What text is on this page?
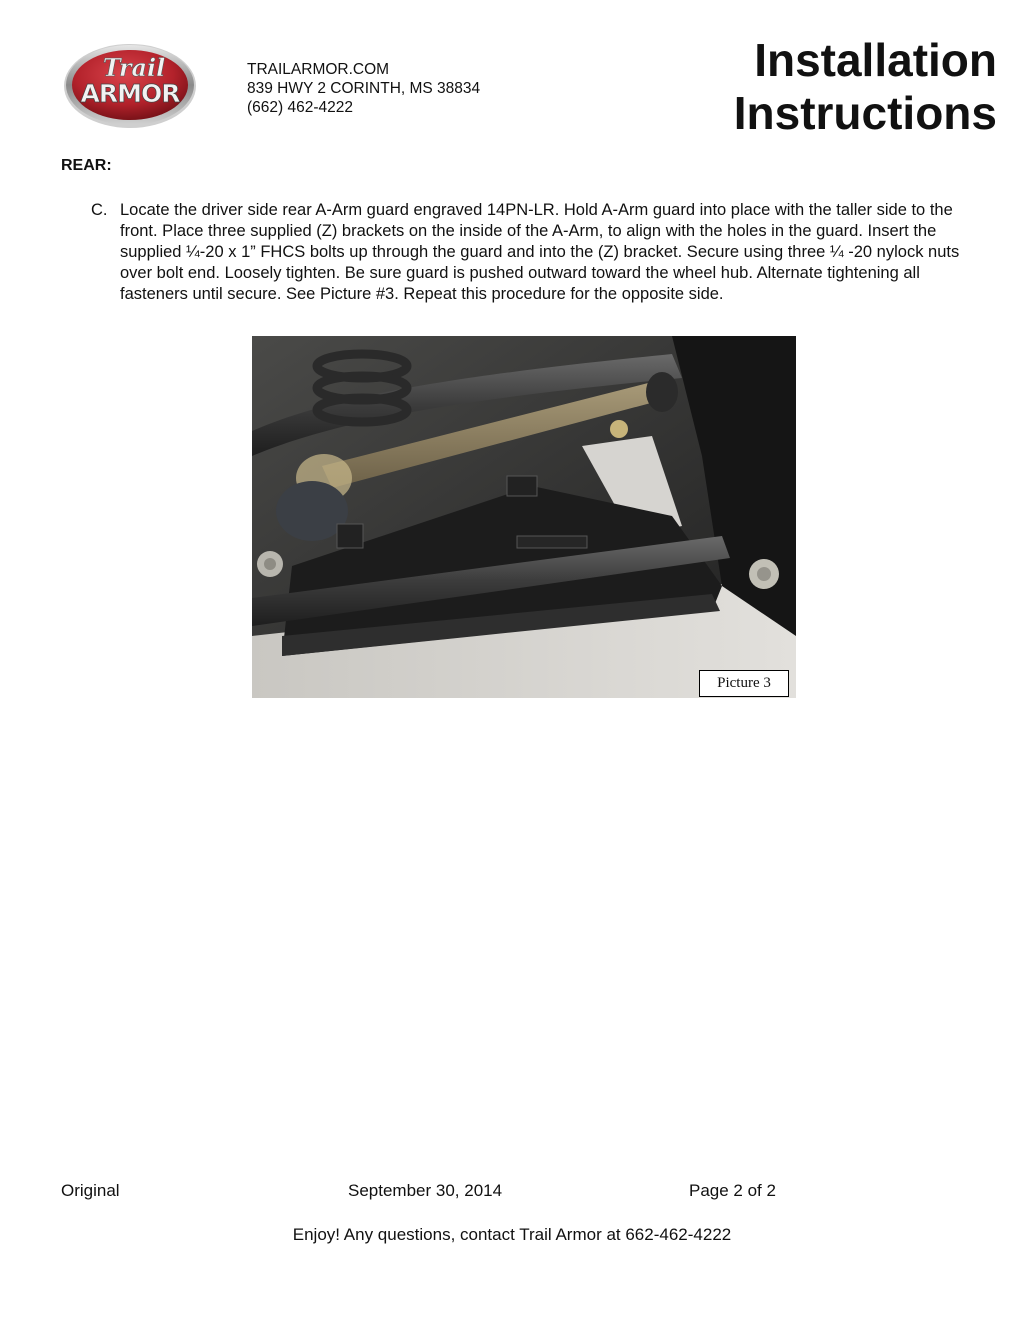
Trail
ARMOR
TRAILARMOR.COM
839 HWY 2 CORINTH, MS 38834
(662) 462-4222
Installation
Instructions
REAR:
C. Locate the driver side rear A-Arm guard engraved 14PN-LR. Hold A-Arm guard into place with the taller side to the front. Place three supplied (Z) brackets on the inside of the A-Arm, to align with the holes in the guard. Insert the supplied ¼-20 x 1” FHCS bolts up through the guard and into the (Z) bracket. Secure using three ¼ -20 nylock nuts over bolt end. Loosely tighten. Be sure guard is pushed outward toward the wheel hub. Alternate tightening all fasteners until secure. See Picture #3. Repeat this procedure for the opposite side.
Picture 3
Original	September 30, 2014	Page 2 of 2
Enjoy! Any questions, contact Trail Armor at 662-462-4222
